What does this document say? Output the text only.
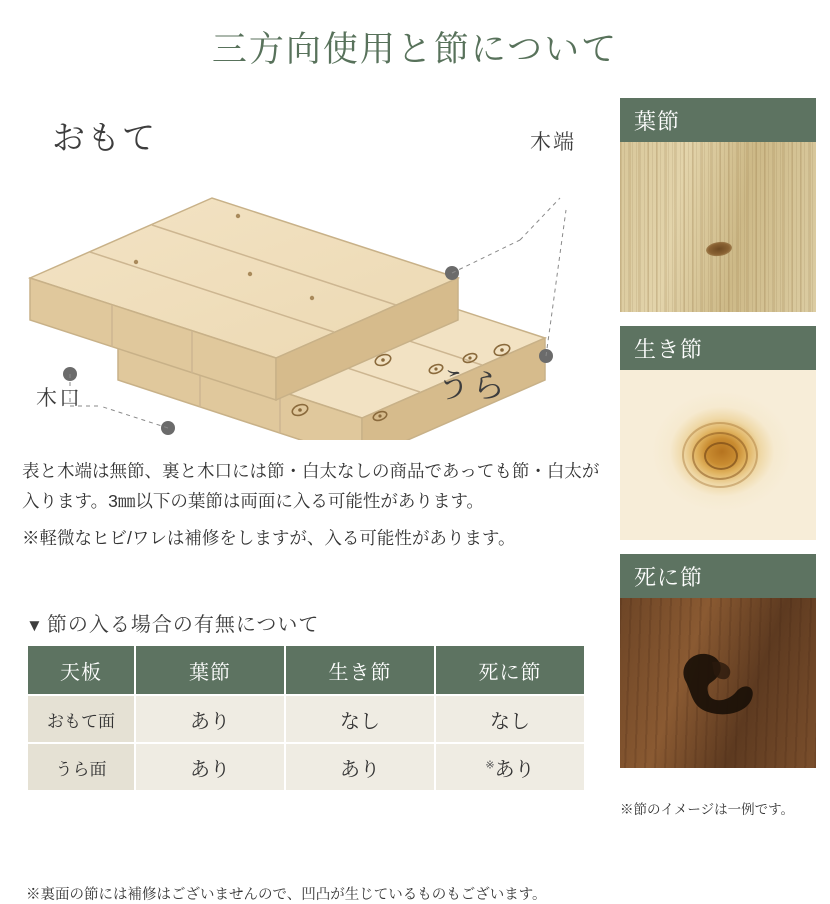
三方向使用と節について
おもて
うら
木端
木口

表と木端は無節、裏と木口には節・白太なしの商品であっても節・白太が入ります。3㎜以下の葉節は両面に入る可能性があります。

※軽微なヒビ/ワレは補修をしますが、入る可能性があります。

▼ 節の入る場合の有無について
天板	葉節	生き節	死に節
おもて面	あり	なし	なし
うら面	あり	あり	※あり
※裏面の節には補修はございませんので、凹凸が生じているものもございます。
葉節
生き節
死に節
※節のイメージは一例です。
